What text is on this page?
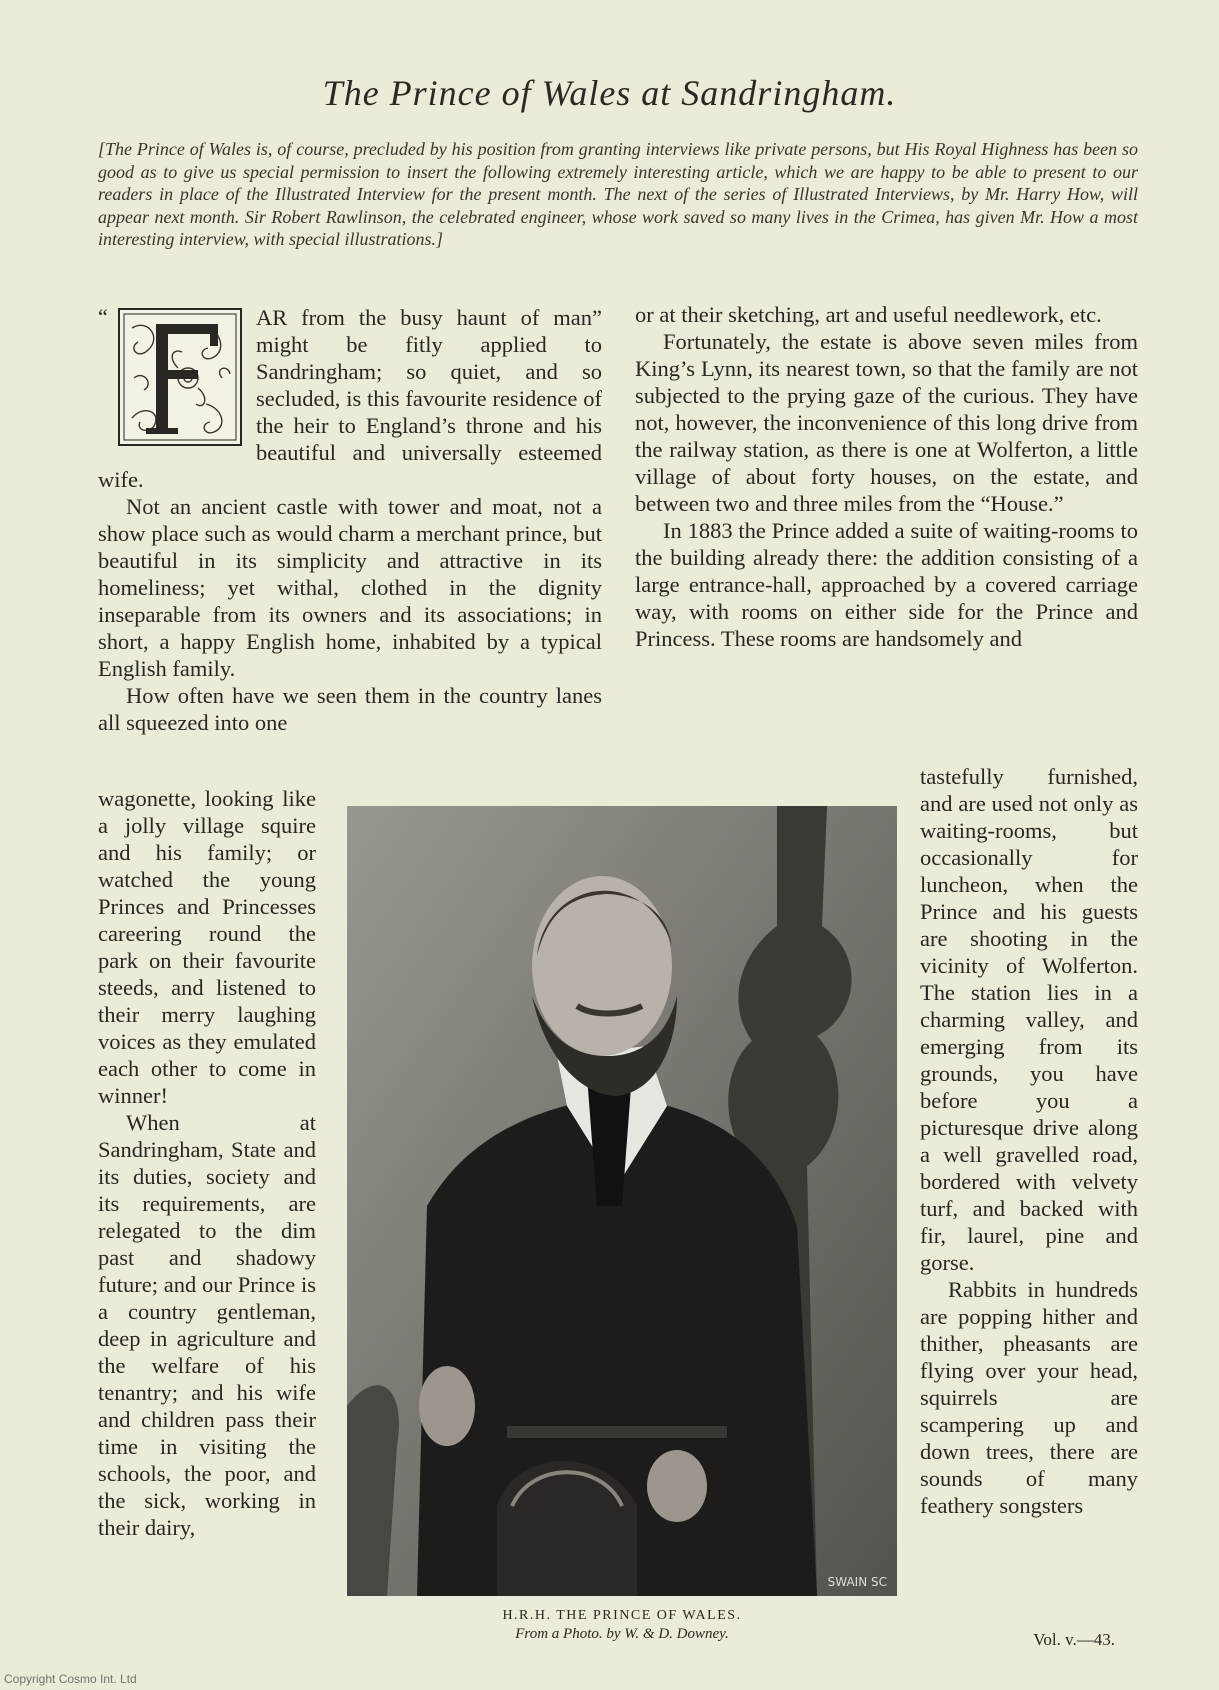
The Prince of Wales at Sandringham.
[The Prince of Wales is, of course, precluded by his position from granting interviews like private persons, but His Royal Highness has been so good as to give us special permission to insert the following extremely interesting article, which we are happy to be able to present to our readers in place of the Illustrated Interview for the present month. The next of the series of Illustrated Interviews, by Mr. Harry How, will appear next month. Sir Robert Rawlinson, the celebrated engineer, whose work saved so many lives in the Crimea, has given Mr. How a most interesting interview, with special illustrations.]
“	AR from the busy haunt of man” might be fitly applied to Sandringham; so quiet, and so secluded, is this favourite residence of the heir to England’s throne and his beautiful and universally esteemed wife.

Not an ancient castle with tower and moat, not a show place such as would charm a merchant prince, but beautiful in its simplicity and attractive in its homeliness; yet withal, clothed in the dignity inseparable from its owners and its associations; in short, a happy English home, inhabited by a typical English family.

How often have we seen them in the country lanes all squeezed into one

wagonette, looking like a jolly village squire and his family; or watched the young Princes and Princesses careering round the park on their favourite steeds, and listened to their merry laughing voices as they emulated each other to come in winner!

When at Sandringham, State and its duties, society and its requirements, are relegated to the dim past and shadowy future; and our Prince is a country gentleman, deep in agriculture and the welfare of his tenantry; and his wife and children pass their time in visiting the schools, the poor, and the sick, working in their dairy,

or at their sketching, art and useful needlework, etc.

Fortunately, the estate is above seven miles from King’s Lynn, its nearest town, so that the family are not subjected to the prying gaze of the curious. They have not, however, the inconvenience of this long drive from the railway station, as there is one at Wolferton, a little village of about forty houses, on the estate, and between two and three miles from the “House.”

In 1883 the Prince added a suite of waiting-rooms to the building already there: the addition consisting of a large entrance-hall, approached by a covered carriage way, with rooms on either side for the Prince and Princess. These rooms are handsomely and

tastefully furnished, and are used not only as waiting-rooms, but occasionally for luncheon, when the Prince and his guests are shooting in the vicinity of Wolferton. The station lies in a charming valley, and emerging from its grounds, you have before you a picturesque drive along a well gravelled road, bordered with velvety turf, and backed with fir, laurel, pine and gorse.

Rabbits in hundreds are popping hither and thither, pheasants are flying over your head, squirrels are scampering up and down trees, there are sounds of many feathery songsters

SWAIN SC
H.R.H. THE PRINCE OF WALES.
From a Photo. by W. & D. Downey.	Vol. v.—43.
Copyright Cosmo Int. Ltd
